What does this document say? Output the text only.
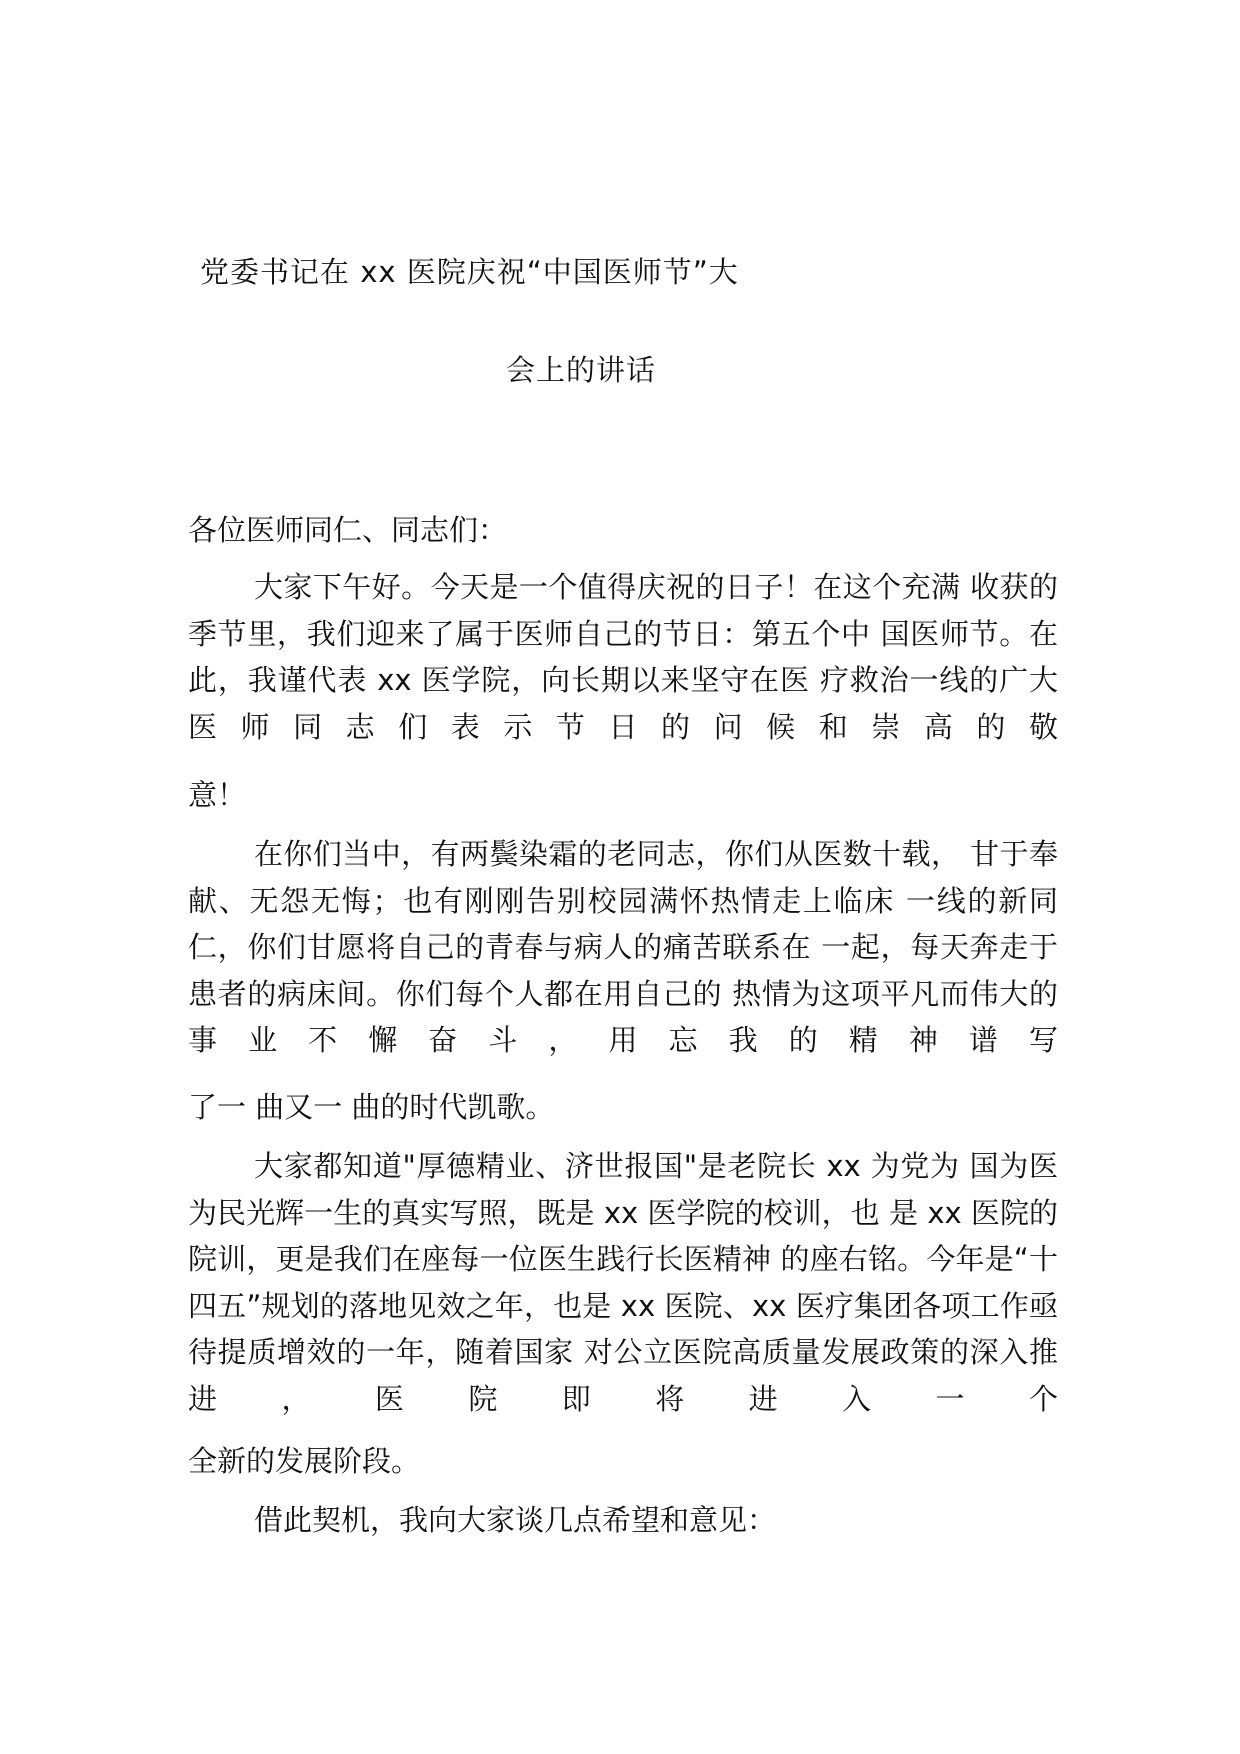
党委书记在 xx 医院庆祝“中国医师节”大
会上的讲话
各位医师同仁、同志们：

大家下午好。今天是一个值得庆祝的日子！在这个充满 收获的季节里，我们迎来了属于医师自己的节日：第五个中 国医师节。在此，我谨代表 xx 医学院，向长期以来坚守在医 疗救治一线的广大医师同志们表示节日的问候和崇高的敬

意！

在你们当中，有两鬓染霜的老同志，你们从医数十载， 甘于奉献、无怨无悔；也有刚刚告别校园满怀热情走上临床 一线的新同仁，你们甘愿将自己的青春与病人的痛苦联系在 一起，每天奔走于患者的病床间。你们每个人都在用自己的 热情为这项平凡而伟大的事业不懈奋斗，用忘我的精神谱写

了一 曲又一 曲的时代凯歌。

大家都知道"厚德精业、济世报国"是老院长 xx 为党为 国为医为民光辉一生的真实写照，既是 xx 医学院的校训，也 是 xx 医院的院训，更是我们在座每一位医生践行长医精神 的座右铭。今年是“十四五”规划的落地见效之年，也是 xx 医院、xx 医疗集团各项工作亟待提质增效的一年，随着国家 对公立医院高质量发展政策的深入推进，医院即将进入一个

全新的发展阶段。

借此契机，我向大家谈几点希望和意见：
